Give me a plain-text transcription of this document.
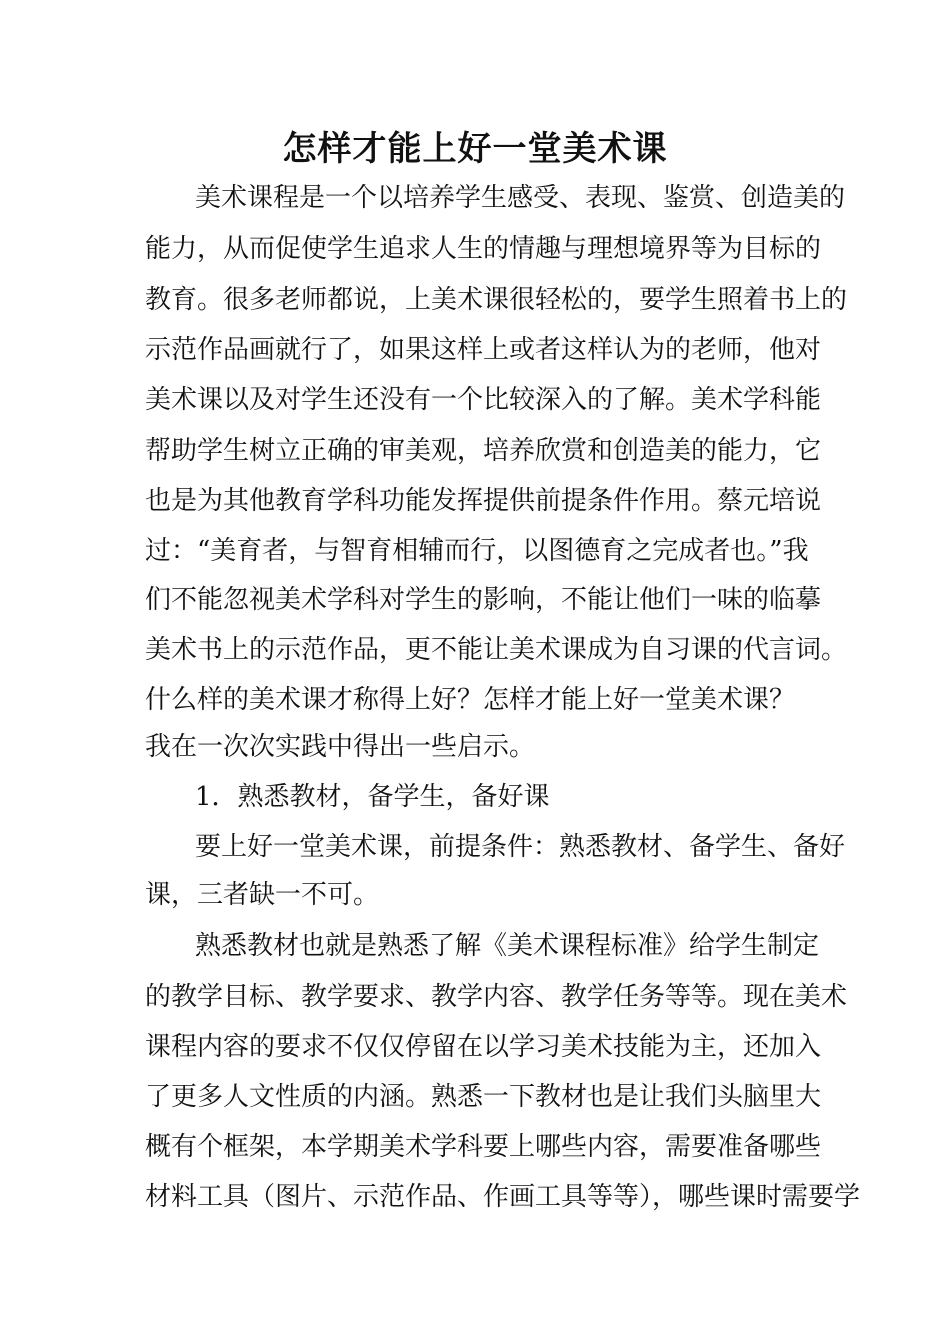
怎样才能上好一堂美术课

美术课程是一个以培养学生感受、表现、鉴赏、创造美的

能力，从而促使学生追求人生的情趣与理想境界等为目标的

教育。很多老师都说，上美术课很轻松的，要学生照着书上的

示范作品画就行了，如果这样上或者这样认为的老师，他对

美术课以及对学生还没有一个比较深入的了解。美术学科能

帮助学生树立正确的审美观，培养欣赏和创造美的能力，它

也是为其他教育学科功能发挥提供前提条件作用。蔡元培说

过：“美育者，与智育相辅而行，以图德育之完成者也。”我

们不能忽视美术学科对学生的影响，不能让他们一味的临摹

美术书上的示范作品，更不能让美术课成为自习课的代言词。

什么样的美术课才称得上好？怎样才能上好一堂美术课？

我在一次次实践中得出一些启示。

1．熟悉教材，备学生，备好课

要上好一堂美术课，前提条件：熟悉教材、备学生、备好

课，三者缺一不可。

熟悉教材也就是熟悉了解《美术课程标准》给学生制定

的教学目标、教学要求、教学内容、教学任务等等。现在美术

课程内容的要求不仅仅停留在以学习美术技能为主，还加入

了更多人文性质的内涵。熟悉一下教材也是让我们头脑里大

概有个框架，本学期美术学科要上哪些内容，需要准备哪些

材料工具（图片、示范作品、作画工具等等），哪些课时需要学
